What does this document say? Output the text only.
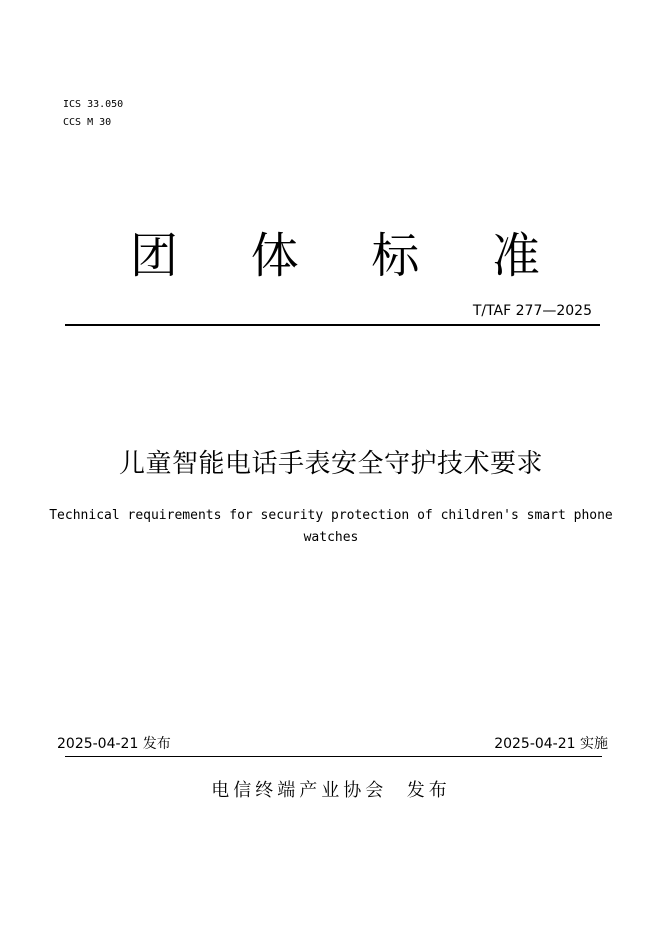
ICS 33.050
CCS M 30
团 体 标 准
T/TAF 277—2025
儿童智能电话手表安全守护技术要求
Technical requirements for security protection of children's smart phone watches
2025-04-21 发布	2025-04-21 实施
电信终端产业协会  发布
